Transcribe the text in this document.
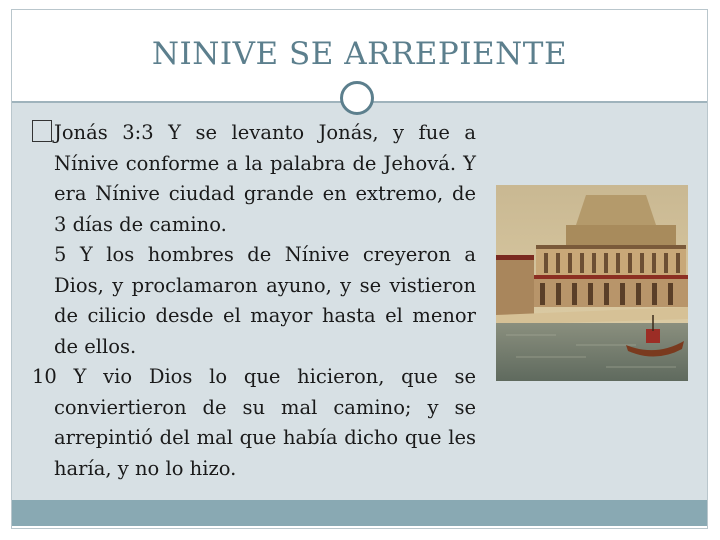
NINIVE SE ARREPIENTE

Jonás 3:3 Y se levanto Jonás, y fue a Nínive conforme a la palabra de Jehová. Y era Nínive ciudad grande en extremo, de 3 días de camino.

5 Y los hombres de Nínive creyeron a Dios, y proclamaron ayuno, y se vistieron de cilicio desde el mayor hasta el menor de ellos.

10 Y vio Dios lo que hicieron, que se conviertieron de su mal camino; y se arrepintió del mal que había dicho que les haría, y no lo hizo.
